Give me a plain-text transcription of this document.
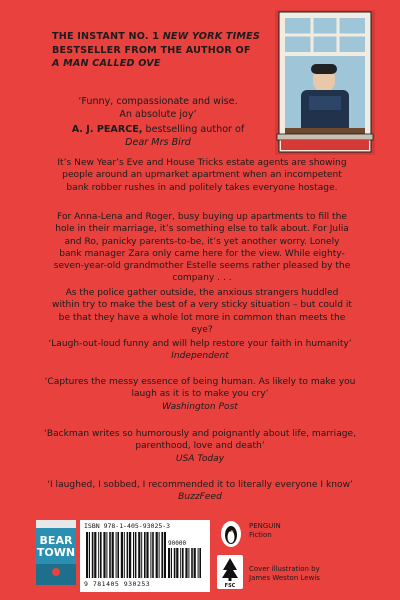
THE INSTANT NO. 1 NEW YORK TIMES
BESTSELLER FROM THE AUTHOR OF
A MAN CALLED OVE
‘Funny, compassionate and wise.
An absolute joy’
A. J. PEARCE, bestselling author of
Dear Mrs Bird
It’s New Year’s Eve and House Tricks estate agents are showing people around an upmarket apartment when an incompetent bank robber rushes in and politely takes everyone hostage.
For Anna-Lena and Roger, busy buying up apartments to fill the hole in their marriage, it’s something else to talk about. For Julia and Ro, panicky parents-to-be, it’s yet another worry. Lonely bank manager Zara only came here for the view. While eighty-seven-year-old grandmother Estelle seems rather pleased by the company . . .
As the police gather outside, the anxious strangers huddled within try to make the best of a very sticky situation – but could it be that they have a whole lot more in common than meets the eye?
‘Laugh-out-loud funny and will help restore your faith in humanity’
Independent
‘Captures the messy essence of being human. As likely to make you laugh as it is to make you cry’
Washington Post
‘Backman writes so humorously and poignantly about life, marriage, parenthood, love and death’
USA Today
‘I laughed, I sobbed, I recommended it to literally everyone I know’
BuzzFeed
BEAR
TOWN
ISBN 978-1-405-93025-3
90000
9 781405 930253	FSC
PENGUIN
Fiction
Cover illustration by
James Weston Lewis
